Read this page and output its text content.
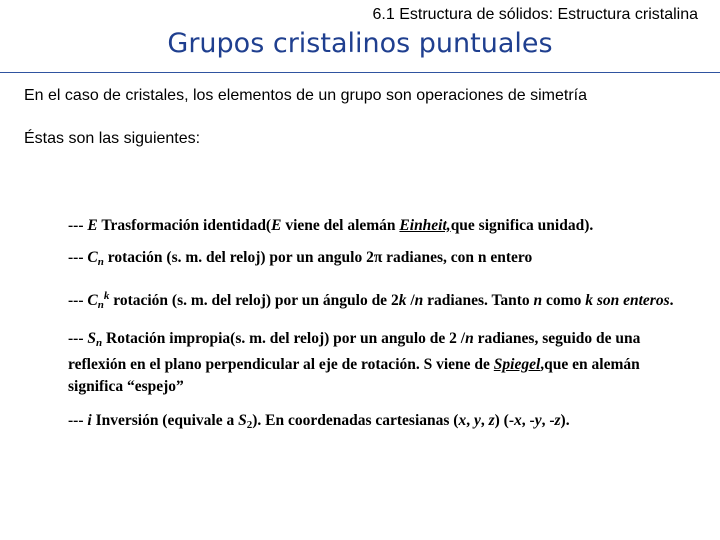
6.1 Estructura de sólidos: Estructura cristalina
Grupos cristalinos puntuales
En el caso de cristales, los elementos de un grupo son operaciones de simetría
Éstas son las siguientes:

--- E Trasformación identidad(E viene del alemán Einheit,que significa unidad).

--- $C_n$ rotación (s. m. del reloj) por un angulo 2π radianes, con n entero

--- $C_n^k$ rotación (s. m. del reloj) por un ángulo de 2k /n radianes. Tanto n como k son enteros.

--- $S_n$ Rotación impropia(s. m. del reloj) por un angulo de 2 /n radianes, seguido de una reflexión en el plano perpendicular al eje de rotación. S viene de Spiegel,que en alemán significa “espejo”

--- i Inversión (equivale a $S_2$). En coordenadas cartesianas (x, y, z) (-x, -y, -z).
